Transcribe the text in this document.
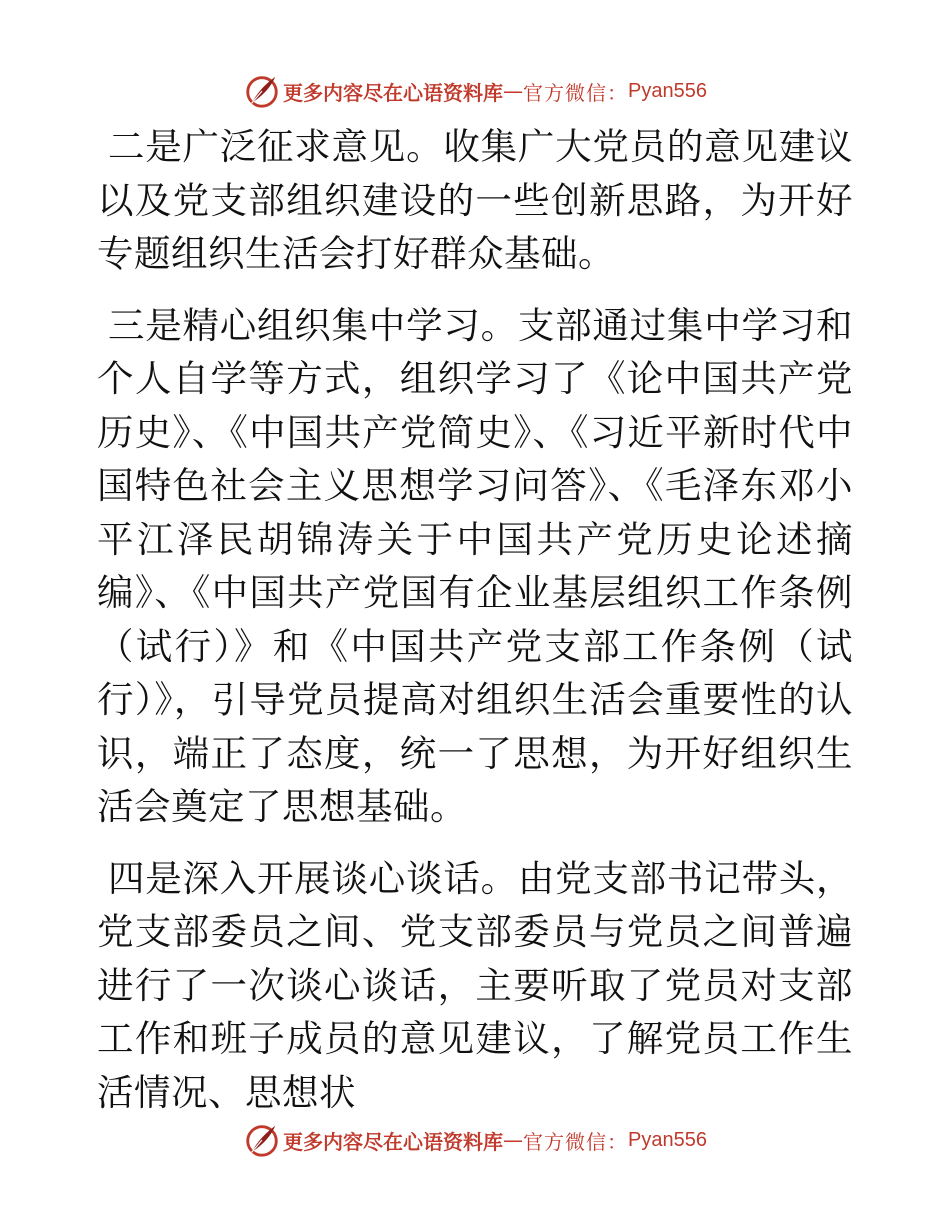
更多内容尽在心语资料库 — 官方微信： Pyan556

二是广泛征求意见。收集广大党员的意见建议以及党支部组织建设的一些创新思路，为开好专题组织生活会打好群众基础。

三是精心组织集中学习。支部通过集中学习和个人自学等方式，组织学习了《论中国共产党历史》、《中国共产党简史》、《习近平新时代中国特色社会主义思想学习问答》、《毛泽东邓小平江泽民胡锦涛关于中国共产党历史论述摘编》、《中国共产党国有企业基层组织工作条例（试行）》和《中国共产党支部工作条例（试行）》，引导党员提高对组织生活会重要性的认识，端正了态度，统一了思想，为开好组织生活会奠定了思想基础。

四是深入开展谈心谈话。由党支部书记带头，党支部委员之间、党支部委员与党员之间普遍进行了一次谈心谈话，主要听取了党员对支部工作和班子成员的意见建议，了解党员工作生活情况、思想状

更多内容尽在心语资料库 — 官方微信： Pyan556
